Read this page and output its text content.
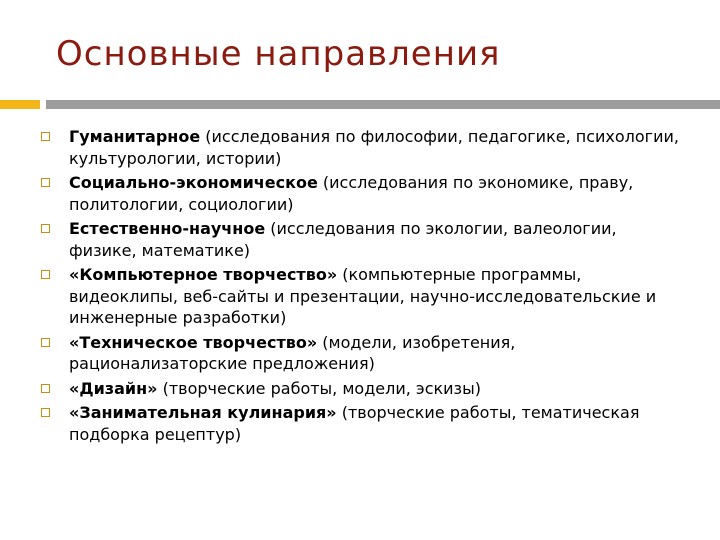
Основные направления
Гуманитарное (исследования по философии, педагогике, психологии, культурологии, истории)
Социально-экономическое (исследования по экономике, праву, политологии, социологии)
Естественно-научное (исследования по экологии, валеологии, физике, математике)
«Компьютерное творчество» (компьютерные программы, видеоклипы, веб-сайты и презентации, научно-исследовательские и инженерные разработки)
«Техническое творчество» (модели, изобретения, рационализаторские предложения)
«Дизайн» (творческие работы, модели, эскизы)
«Занимательная кулинария» (творческие работы, тематическая подборка рецептур)
